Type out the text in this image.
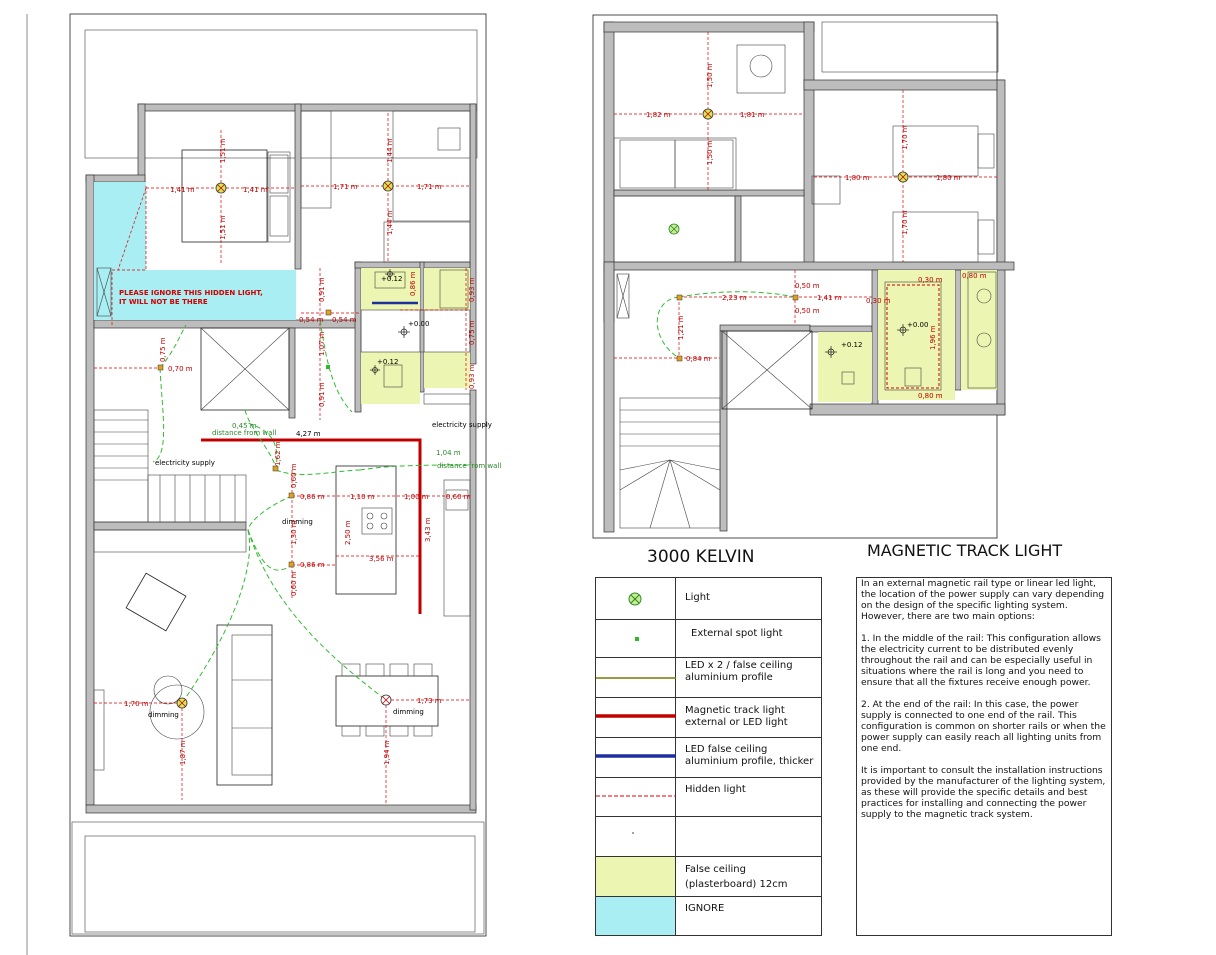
PLEASE IGNORE THIS HIDDEN LIGHT,
IT WILL NOT BE THERE
electricity supply
electricity supply	distance from wall
distance from wall
dimming
dimming	dimming
+0.12
+0.00
+0.12
1,41 m	1,41 m
1,51 m
1,51 m
1,71 m	1,71 m
1,44 m
1,44 m
0,91 m
0,54 m 0,54 m
1,07 m
0,91 m
0,75 m
0,70 m
4,27 m
0,45 m
1,62 m
0,60 m
0,86 m	1,10 m	1,00 m 0,60 m
2,50 m
1,30 m
3,56 m
3,43 m
0,86 m
0,60 m
1,70 m
1,87 m
1,73 m
1,94 m
1,04 m
0,75 m
0,86 m	0,93 m
0,93 m
+0.12
+0.00
1,50 m
1,82 m	1,81 m
1,50 m
1,70 m
1,80 m	1,80 m
1,70 m
2,23 m
0,50 m
1,41 m
0,50 m
1,21 m
0,84 m
0,30 m
0,30 m
0,80 m
1,96 m
0,80 m
3000 KELVIN	MAGNETIC TRACK LIGHT
Light
External spot light
LED x 2 / false ceiling aluminium profile
Magnetic track light external or LED light
LED false ceiling aluminium profile, thicker
Hidden light
False ceiling (plasterboard) 12cm
IGNORE

In an external magnetic rail type or linear led light, the location of the power supply can vary depending on the design of the specific lighting system. However, there are two main options:

1. In the middle of the rail: This configuration allows the electricity current to be distributed evenly throughout the rail and can be especially useful in situations where the rail is long and you need to ensure that all the fixtures receive enough power.

2. At the end of the rail: In this case, the power supply is connected to one end of the rail. This configuration is common on shorter rails or when the power supply can easily reach all lighting units from one end.

It is important to consult the installation instructions provided by the manufacturer of the lighting system, as these will provide the specific details and best practices for installing and connecting the power supply to the magnetic track system.
